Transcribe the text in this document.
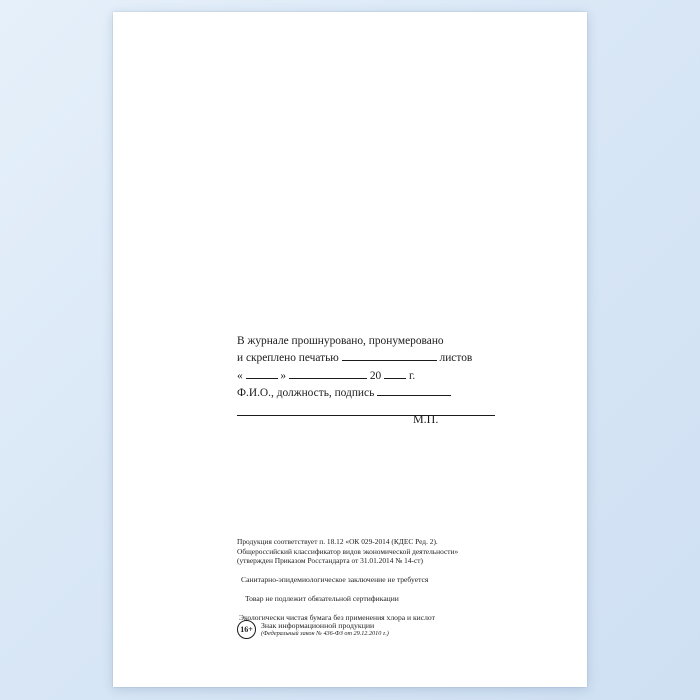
В журнале прошнуровано, пронумеровано
и скреплено печатью	листов
«	»	20 г.
Ф.И.О., должность, подпись
М.П.
Продукция соответствует п. 18.12 «ОК 029-2014 (КДЕС Ред. 2).
Общероссийский классификатор видов экономической деятельности»
(утвержден Приказом Росстандарта от 31.01.2014 № 14-ст)
Санитарно-эпидемиологическое заключение не требуется
Товар не подлежит обязательной сертификации
Экологически чистая бумага без применения хлора и кислот
16+	Знак информационной продукции
(Федеральный закон № 436-ФЗ от 29.12.2010 г.)
